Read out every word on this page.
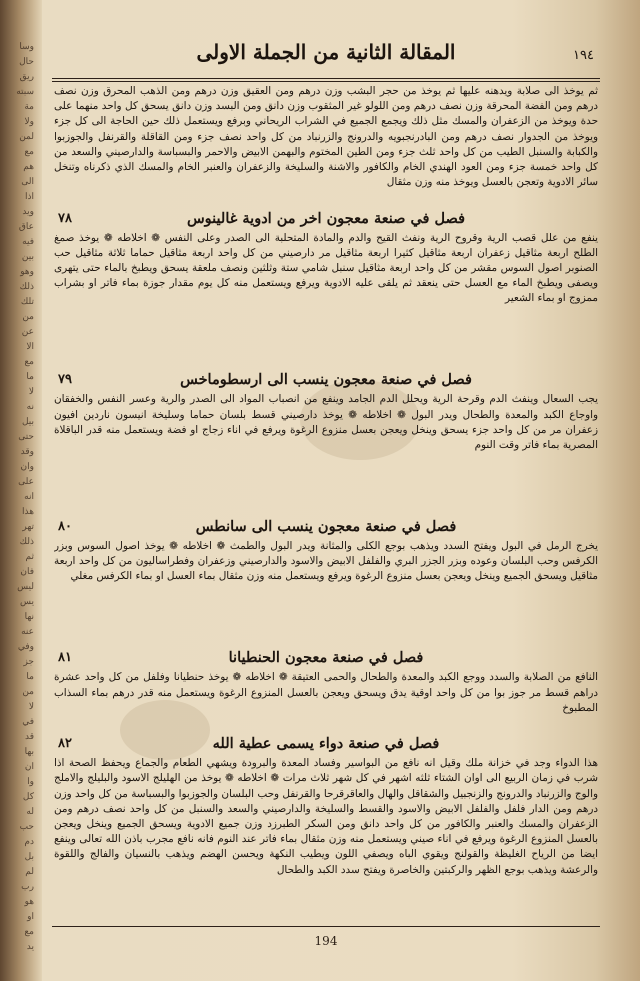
وسا
حال
ريق
سبته
مة
ولا
لمن
مع
هم
الى
اذا
ويد
عاق
فيه
بين
وهو
ذلك
تلك
من
عن
الا
مع
ما
لا
نه
بيل
حتى
وقد
وان
على
انه
هذا
تهر
ذلك
ثم
فان
ليس
يس
نها
عنه
وفي
جز
ما
من
لا
في
قد
بها
ان
وا
كل
له
حب
دم
بل
لم
رب
هو
او
مع
يد
المقالة الثانية من الجملة الاولى	١٩٤

ثم يوخذ الى صلابة ويدهنه عليها ثم يوخذ من حجر البشب وزن درهم ومن العقيق وزن درهم ومن الذهب المحرق وزن نصف درهم ومن الفضة المحرقة وزن نصف درهم ومن اللولو غير المثقوب وزن دانق ومن البسد وزن دانق يسحق كل واحد منهما على حدة ويوخذ من الزعفران والمسك مثل ذلك ويجمع الجميع في الشراب الريحاني وبرفع ويستعمل ذلك حين الحاجة الى كل جزء ويوخذ من الجدوار نصف درهم ومن البادرنجبويه والدرونج والزرنباد من كل واحد نصف جزء ومن القاقلة والقرنفل والجوزبوا والكبابة والسنبل الطيب من كل واحد ثلث جزء ومن الطين المختوم والبهمن الابيض والاحمر والبسباسة والدارصيني والسعد من كل واحد خمسة جزء ومن العود الهندي الخام والكافور والاشنة والسليخة والزعفران والعنبر الخام والمسك الذي ذكرناه وتنخل سائر الادوية وتعجن بالعسل ويوخذ منه وزن مثقال

فصل في صنعة معجون اخر من ادوية غالينوس
٧٨

ينفع من علل قصب الرية وقروح الرية ونفث القيح والدم والمادة المتحلبة الى الصدر وعلى النفس ❁ اخلاطه ❁ يوخذ صمغ الطلح اربعة مثاقيل زعفران اربعة مثاقيل كثيرا اربعة مثاقيل مر دارصيني من كل واحد اربعة مثاقيل حماما ثلاثة مثاقيل حب الصنوبر اصول السوس مقشر من كل واحد اربعة مثاقيل سنبل شامي ستة وثلثين ونصف ملعقة يسحق ويطبخ بالماء حتى يتهرى ويصفى ويطبخ الماء مع العسل حتى ينعقد ثم يلقى عليه الادوية ويرفع ويستعمل منه كل يوم مقدار جوزة بماء فاتر او بشراب ممزوج او بماء الشعير

فصل في صنعة معجون ينسب الى ارسطوماخس
٧٩

يجب السعال وينفث الدم وقرحة الرية ويحلل الدم الجامد وينفع من انصباب المواد الى الصدر والرية وعسر النفس والخفقان واوجاع الكبد والمعدة والطحال ويدر البول ❁ اخلاطه ❁ يوخذ دارصيني قسط بلسان حماما وسليخة انيسون ناردين افيون زعفران مر من كل واحد جزء يسحق وينخل ويعجن بعسل منزوع الرغوة ويرفع في اناء زجاج او فضة ويستعمل منه قدر الباقلاة المصرية بماء فاتر وقت النوم

فصل في صنعة معجون ينسب الى سانطس
٨٠

يخرج الرمل في البول ويفتح السدد ويذهب بوجع الكلى والمثانة ويدر البول والطمث ❁ اخلاطه ❁ يوخذ اصول السوس وبزر الكرفس وحب البلسان وعوده وبزر الجزر البري والفلفل الابيض والاسود والدارصيني وزعفران وفطراساليون من كل واحد اربعة مثاقيل ويسحق الجميع وينخل ويعجن بعسل منزوع الرغوة ويرفع ويستعمل منه وزن مثقال بماء العسل او بماء الكرفس مغلي

فصل في صنعة معجون الحنطيانا
٨١

النافع من الصلابة والسدد ووجع الكبد والمعدة والطحال والحمى العتيقة ❁ اخلاطه ❁ يوخذ حنطيانا وفلفل من كل واحد عشرة دراهم قسط مر جوز بوا من كل واحد اوقية يدق ويسحق ويعجن بالعسل المنزوع الرغوة ويستعمل منه قدر درهم بماء السذاب المطبوخ

فصل في صنعة دواء يسمى عطية الله
٨٢

هذا الدواء وجد في خزانة ملك وقيل انه نافع من البواسير وفساد المعدة والبرودة ويشهي الطعام والجماع ويحفظ الصحة اذا شرب في زمان الربيع الى اوان الشتاء ثلثه اشهر في كل شهر ثلاث مرات ❁ اخلاطه ❁ يوخذ من الهليلج الاسود والبليلج والاملج والوج والزرنباد والدرونج والزنجبيل والشقاقل والهال والعاقرقرحا والقرنفل وحب البلسان والجوزبوا والبسباسة من كل واحد وزن درهم ومن الدار فلفل والفلفل الابيض والاسود والقسط والسليخة والدارصيني والسعد والسنبل من كل واحد نصف درهم ومن الزعفران والمسك والعنبر والكافور من كل واحد دانق ومن السكر الطبرزد وزن جميع الادوية ويسحق الجميع وينخل ويعجن بالعسل المنزوع الرغوة ويرفع في اناء صيني ويستعمل منه وزن مثقال بماء فاتر عند النوم فانه نافع مجرب باذن الله تعالى وينفع ايضا من الرياح الغليظة والقولنج ويقوي الباه ويصفي اللون ويطيب النكهة ويحسن الهضم ويذهب بالنسيان والفالج واللقوة والرعشة ويذهب بوجع الظهر والركبتين والخاصرة ويفتح سدد الكبد والطحال

194
